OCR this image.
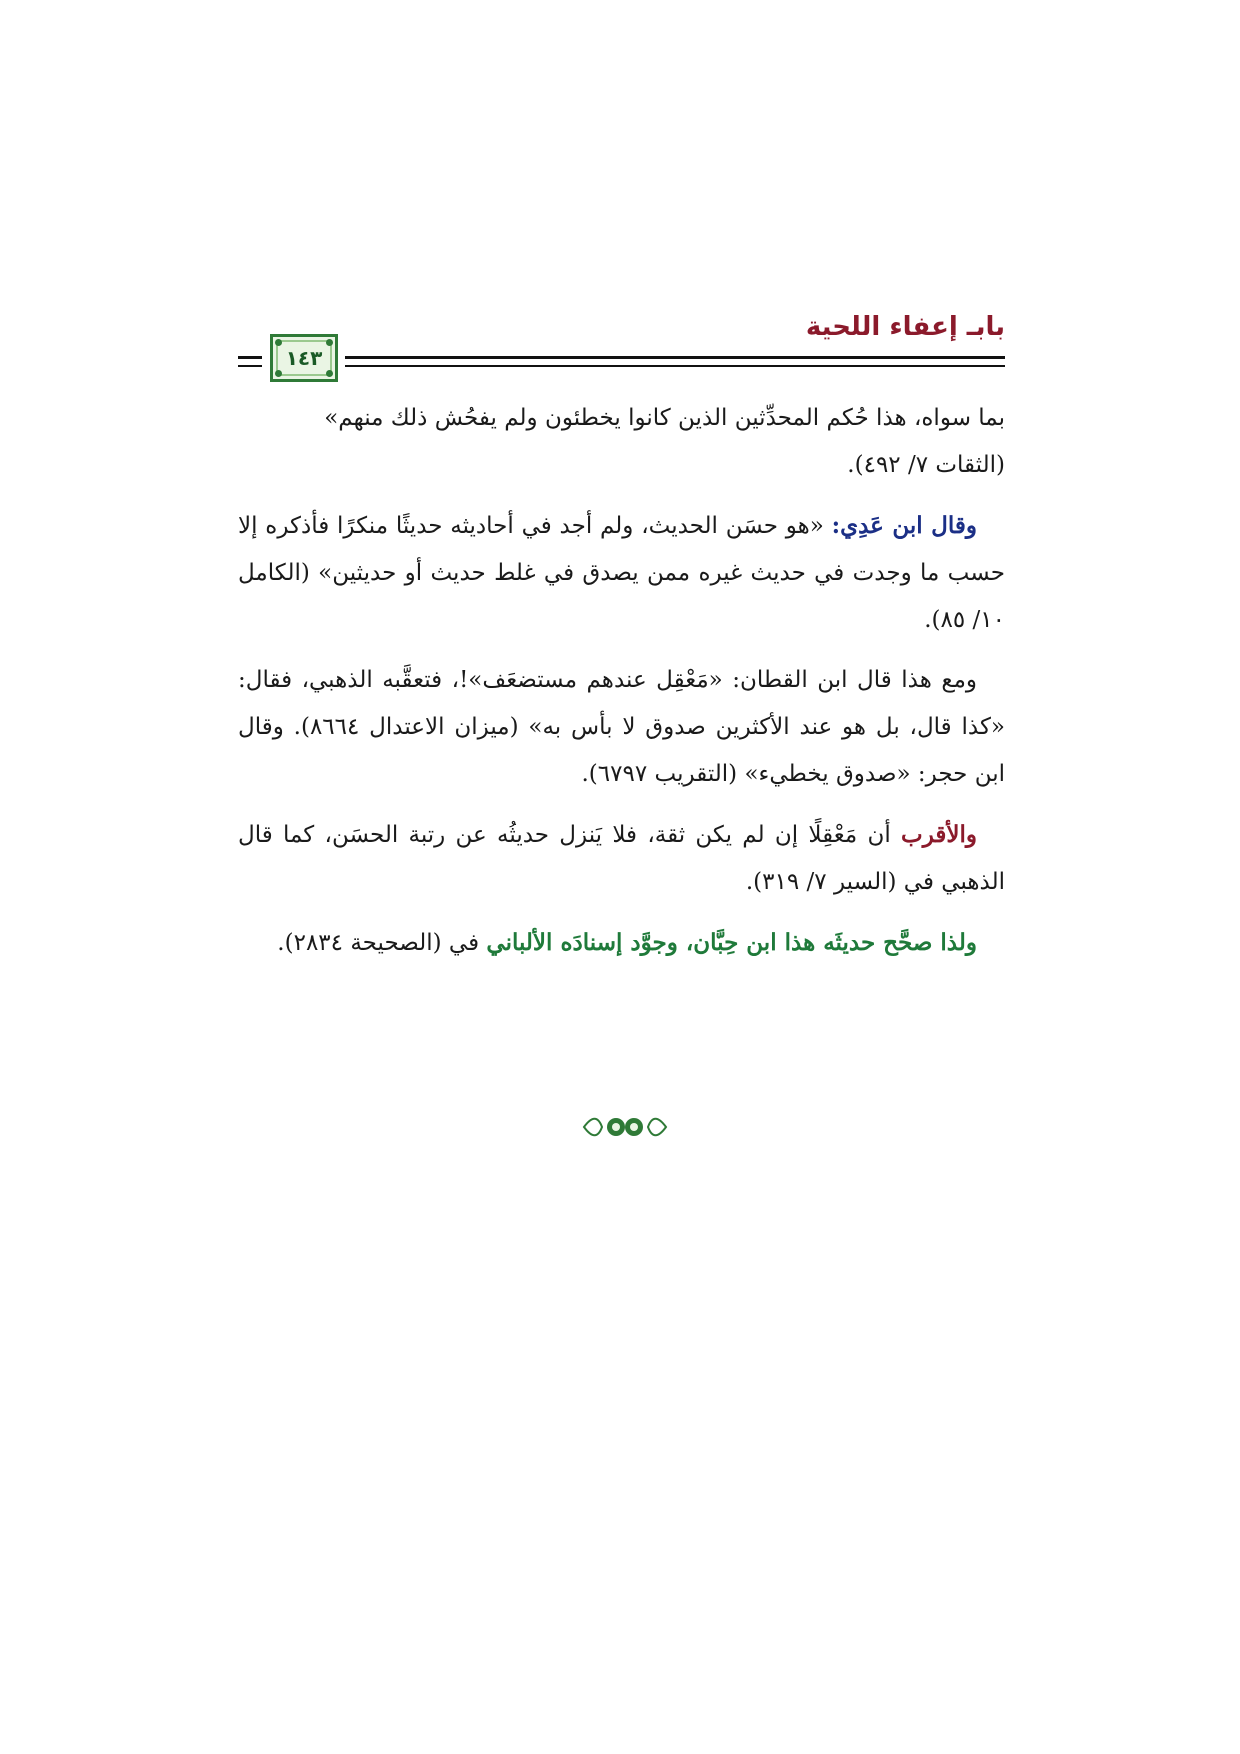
بابـ إعفاء اللحية
١٤٣

بما سواه، هذا حُكم المحدِّثين الذين كانوا يخطئون ولم يفحُش ذلك منهم»
(الثقات ٧/ ٤٩٢).

وقال ابن عَدِي: «هو حسَن الحديث، ولم أجد في أحاديثه حديثًا منكرًا فأذكره إلا حسب ما وجدت في حديث غيره ممن يصدق في غلط حديث أو حديثين» (الكامل ١٠/ ٨٥).

ومع هذا قال ابن القطان: «مَعْقِل عندهم مستضعَف»!، فتعقَّبه الذهبي، فقال: «كذا قال، بل هو عند الأكثرين صدوق لا بأس به» (ميزان الاعتدال ٨٦٦٤). وقال ابن حجر: «صدوق يخطيء» (التقريب ٦٧٩٧).

والأقرب أن مَعْقِلًا إن لم يكن ثقة، فلا يَنزل حديثُه عن رتبة الحسَن، كما قال الذهبي في (السير ٧/ ٣١٩).

ولذا صحَّح حديثَه هذا ابن حِبَّان، وجوَّد إسنادَه الألباني في (الصحيحة ٢٨٣٤).
